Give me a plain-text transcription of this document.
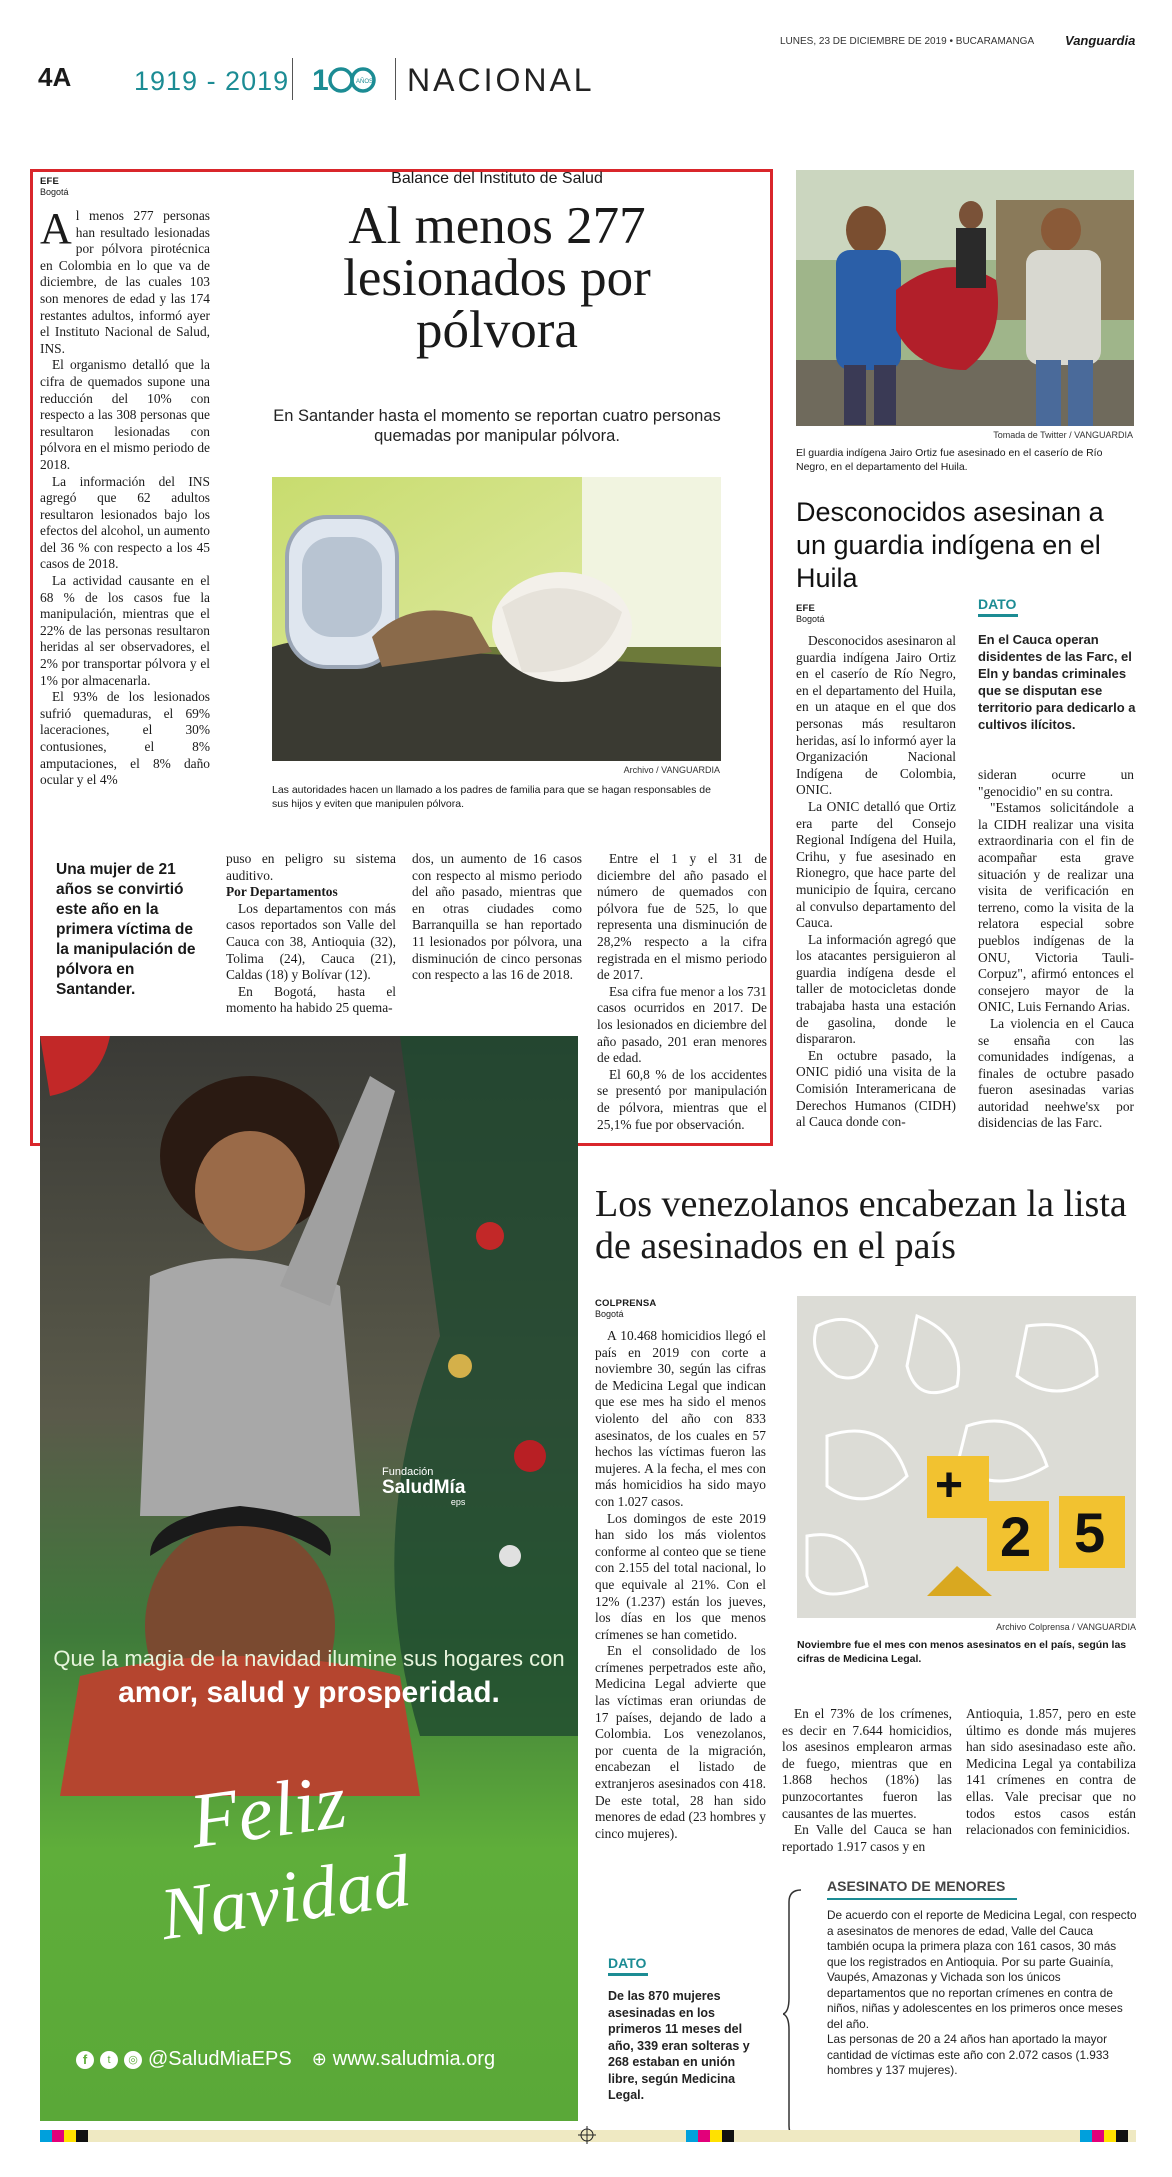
LUNES, 23 DE DICIEMBRE DE 2019 • BUCARAMANGA Vanguardia
4A 1919 - 2019 1	AÑOS NACIONAL
EFE
Bogotá
Balance del Instituto de Salud
Al menos 277 lesionados por pólvora
En Santander hasta el momento se reportan cuatro personas quemadas por manipular pólvora.

Al menos 277 personas han resultado lesionadas por pólvora pirotécnica en Colombia en lo que va de diciembre, de las cuales 103 son menores de edad y las 174 restantes adultos, informó ayer el Instituto Nacional de Salud, INS.

El organismo detalló que la cifra de quemados supone una reducción del 10% con respecto a las 308 personas que resultaron lesionadas con pólvora en el mismo periodo de 2018.

La información del INS agregó que 62 adultos resultaron lesionados bajo los efectos del alcohol, un aumento del 36 % con respecto a los 45 casos de 2018.

La actividad causante en el 68 % de los casos fue la manipulación, mientras que el 22% de las personas resultaron heridas al ser observadores, el 2% por transportar pólvora y el 1% por almacenarla.

El 93% de los lesionados sufrió quemaduras, el 69% laceraciones, el 30% contusiones, el 8% amputaciones, el 8% daño ocular y el 4%

Archivo / VANGUARDIA
Las autoridades hacen un llamado a los padres de familia para que se hagan responsables de sus hijos y eviten que manipulen pólvora.
Una mujer de 21 años se convirtió este año en la primera víctima de la manipulación de pólvora en Santander.

puso en peligro su sistema auditivo.

Por Departamentos

Los departamentos con más casos reportados son Valle del Cauca con 38, Antioquia (32), Tolima (24), Cauca (21), Caldas (18) y Bolívar (12).

En Bogotá, hasta el momento ha habido 25 quema-

dos, un aumento de 16 casos con respecto al mismo periodo del año pasado, mientras que en otras ciudades como Barranquilla se han reportado 11 lesionados por pólvora, una disminución de cinco personas con respecto a las 16 de 2018.

Entre el 1 y el 31 de diciembre del año pasado el número de quemados con pólvora fue de 525, lo que representa una disminución de 28,2% respecto a la cifra registrada en el mismo periodo de 2017.

Esa cifra fue menor a los 731 casos ocurridos en 2017. De los lesionados en diciembre del año pasado, 201 eran menores de edad.

El 60,8 % de los accidentes se presentó por manipulación de pólvora, mientras que el 25,1% fue por observación.

Tomada de Twitter / VANGUARDIA
El guardia indígena Jairo Ortiz fue asesinado en el caserío de Río Negro, en el departamento del Huila.
Desconocidos asesinan a un guardia indígena en el Huila
EFE
Bogotá

Desconocidos asesinaron al guardia indígena Jairo Ortiz en el caserío de Río Negro, en el departamento del Huila, en un ataque en el que dos personas más resultaron heridas, así lo informó ayer la Organización Nacional Indígena de Colombia, ONIC.

La ONIC detalló que Ortiz era parte del Consejo Regional Indígena del Huila, Crihu, y fue asesinado en Rionegro, que hace parte del municipio de Íquira, cercano al convulso departamento del Cauca.

La información agregó que los atacantes persiguieron al guardia indígena desde el taller de motocicletas donde trabajaba hasta una estación de gasolina, donde le dispararon.

En octubre pasado, la ONIC pidió una visita de la Comisión Interamericana de Derechos Humanos (CIDH) al Cauca donde con-

DATO
En el Cauca operan disidentes de las Farc, el Eln y bandas criminales que se disputan ese territorio para dedicarlo a cultivos ilícitos.

sideran ocurre un "genocidio" en su contra.

"Estamos solicitándole a la CIDH realizar una visita extraordinaria con el fin de acompañar esta grave situación y de realizar una visita de verificación en terreno, como la visita de la relatora especial sobre pueblos indígenas de la ONU, Victoria Tauli-Corpuz", afirmó entonces el consejero mayor de la ONIC, Luis Fernando Arias.

La violencia en el Cauca se ensaña con las comunidades indígenas, a finales de octubre pasado fueron asesinadas varias autoridad neehwe'sx por disidencias de las Farc.

Fundación
SaludMía
eps
Que la magia de la navidad ilumine sus hogares con
amor, salud y prosperidad.
Feliz
Navidad
f	t	◎ @SaludMiaEPS ⊕ www.saludmia.org
Los venezolanos encabezan la lista de asesinados en el país
COLPRENSA
Bogotá

A 10.468 homicidios llegó el país en 2019 con corte a noviembre 30, según las cifras de Medicina Legal que indican que ese mes ha sido el menos violento del año con 833 asesinatos, de los cuales en 57 hechos las víctimas fueron las mujeres. A la fecha, el mes con más homicidios ha sido mayo con 1.027 casos.

Los domingos de este 2019 han sido los más violentos conforme al conteo que se tiene con 2.155 del total nacional, lo que equivale al 21%. Con el 12% (1.237) están los jueves, los días en los que menos crímenes se han cometido.

En el consolidado de los crímenes perpetrados este año, Medicina Legal advierte que las víctimas eran oriundas de 17 países, dejando de lado a Colombia. Los venezolanos, por cuenta de la migración, encabezan el listado de extranjeros asesinados con 418. De este total, 28 han sido menores de edad (23 hombres y cinco mujeres).

+
2 5
Archivo Colprensa / VANGUARDIA
Noviembre fue el mes con menos asesinatos en el país, según las cifras de Medicina Legal.

En el 73% de los crímenes, es decir en 7.644 homicidios, los asesinos emplearon armas de fuego, mientras que en 1.868 hechos (18%) las punzocortantes fueron las causantes de las muertes.

En Valle del Cauca se han reportado 1.917 casos y en

Antioquia, 1.857, pero en este último es donde más mujeres han sido asesinadaso este año. Medicina Legal ya contabiliza 141 crímenes en contra de ellas. Vale precisar que no todos estos casos están relacionados con feminicidios.

DATO
De las 870 mujeres asesinadas en los primeros 11 meses del año, 339 eran solteras y 268 estaban en unión libre, según Medicina Legal.
ASESINATO DE MENORES

De acuerdo con el reporte de Medicina Legal, con respecto a asesinatos de menores de edad, Valle del Cauca también ocupa la primera plaza con 161 casos, 30 más que los registrados en Antioquia. Por su parte Guainía, Vaupés, Amazonas y Vichada son los únicos departamentos que no reportan crímenes en contra de niños, niñas y adolescentes en los primeros once meses del año.

Las personas de 20 a 24 años han aportado la mayor cantidad de víctimas este año con 2.072 casos (1.933 hombres y 137 mujeres).
